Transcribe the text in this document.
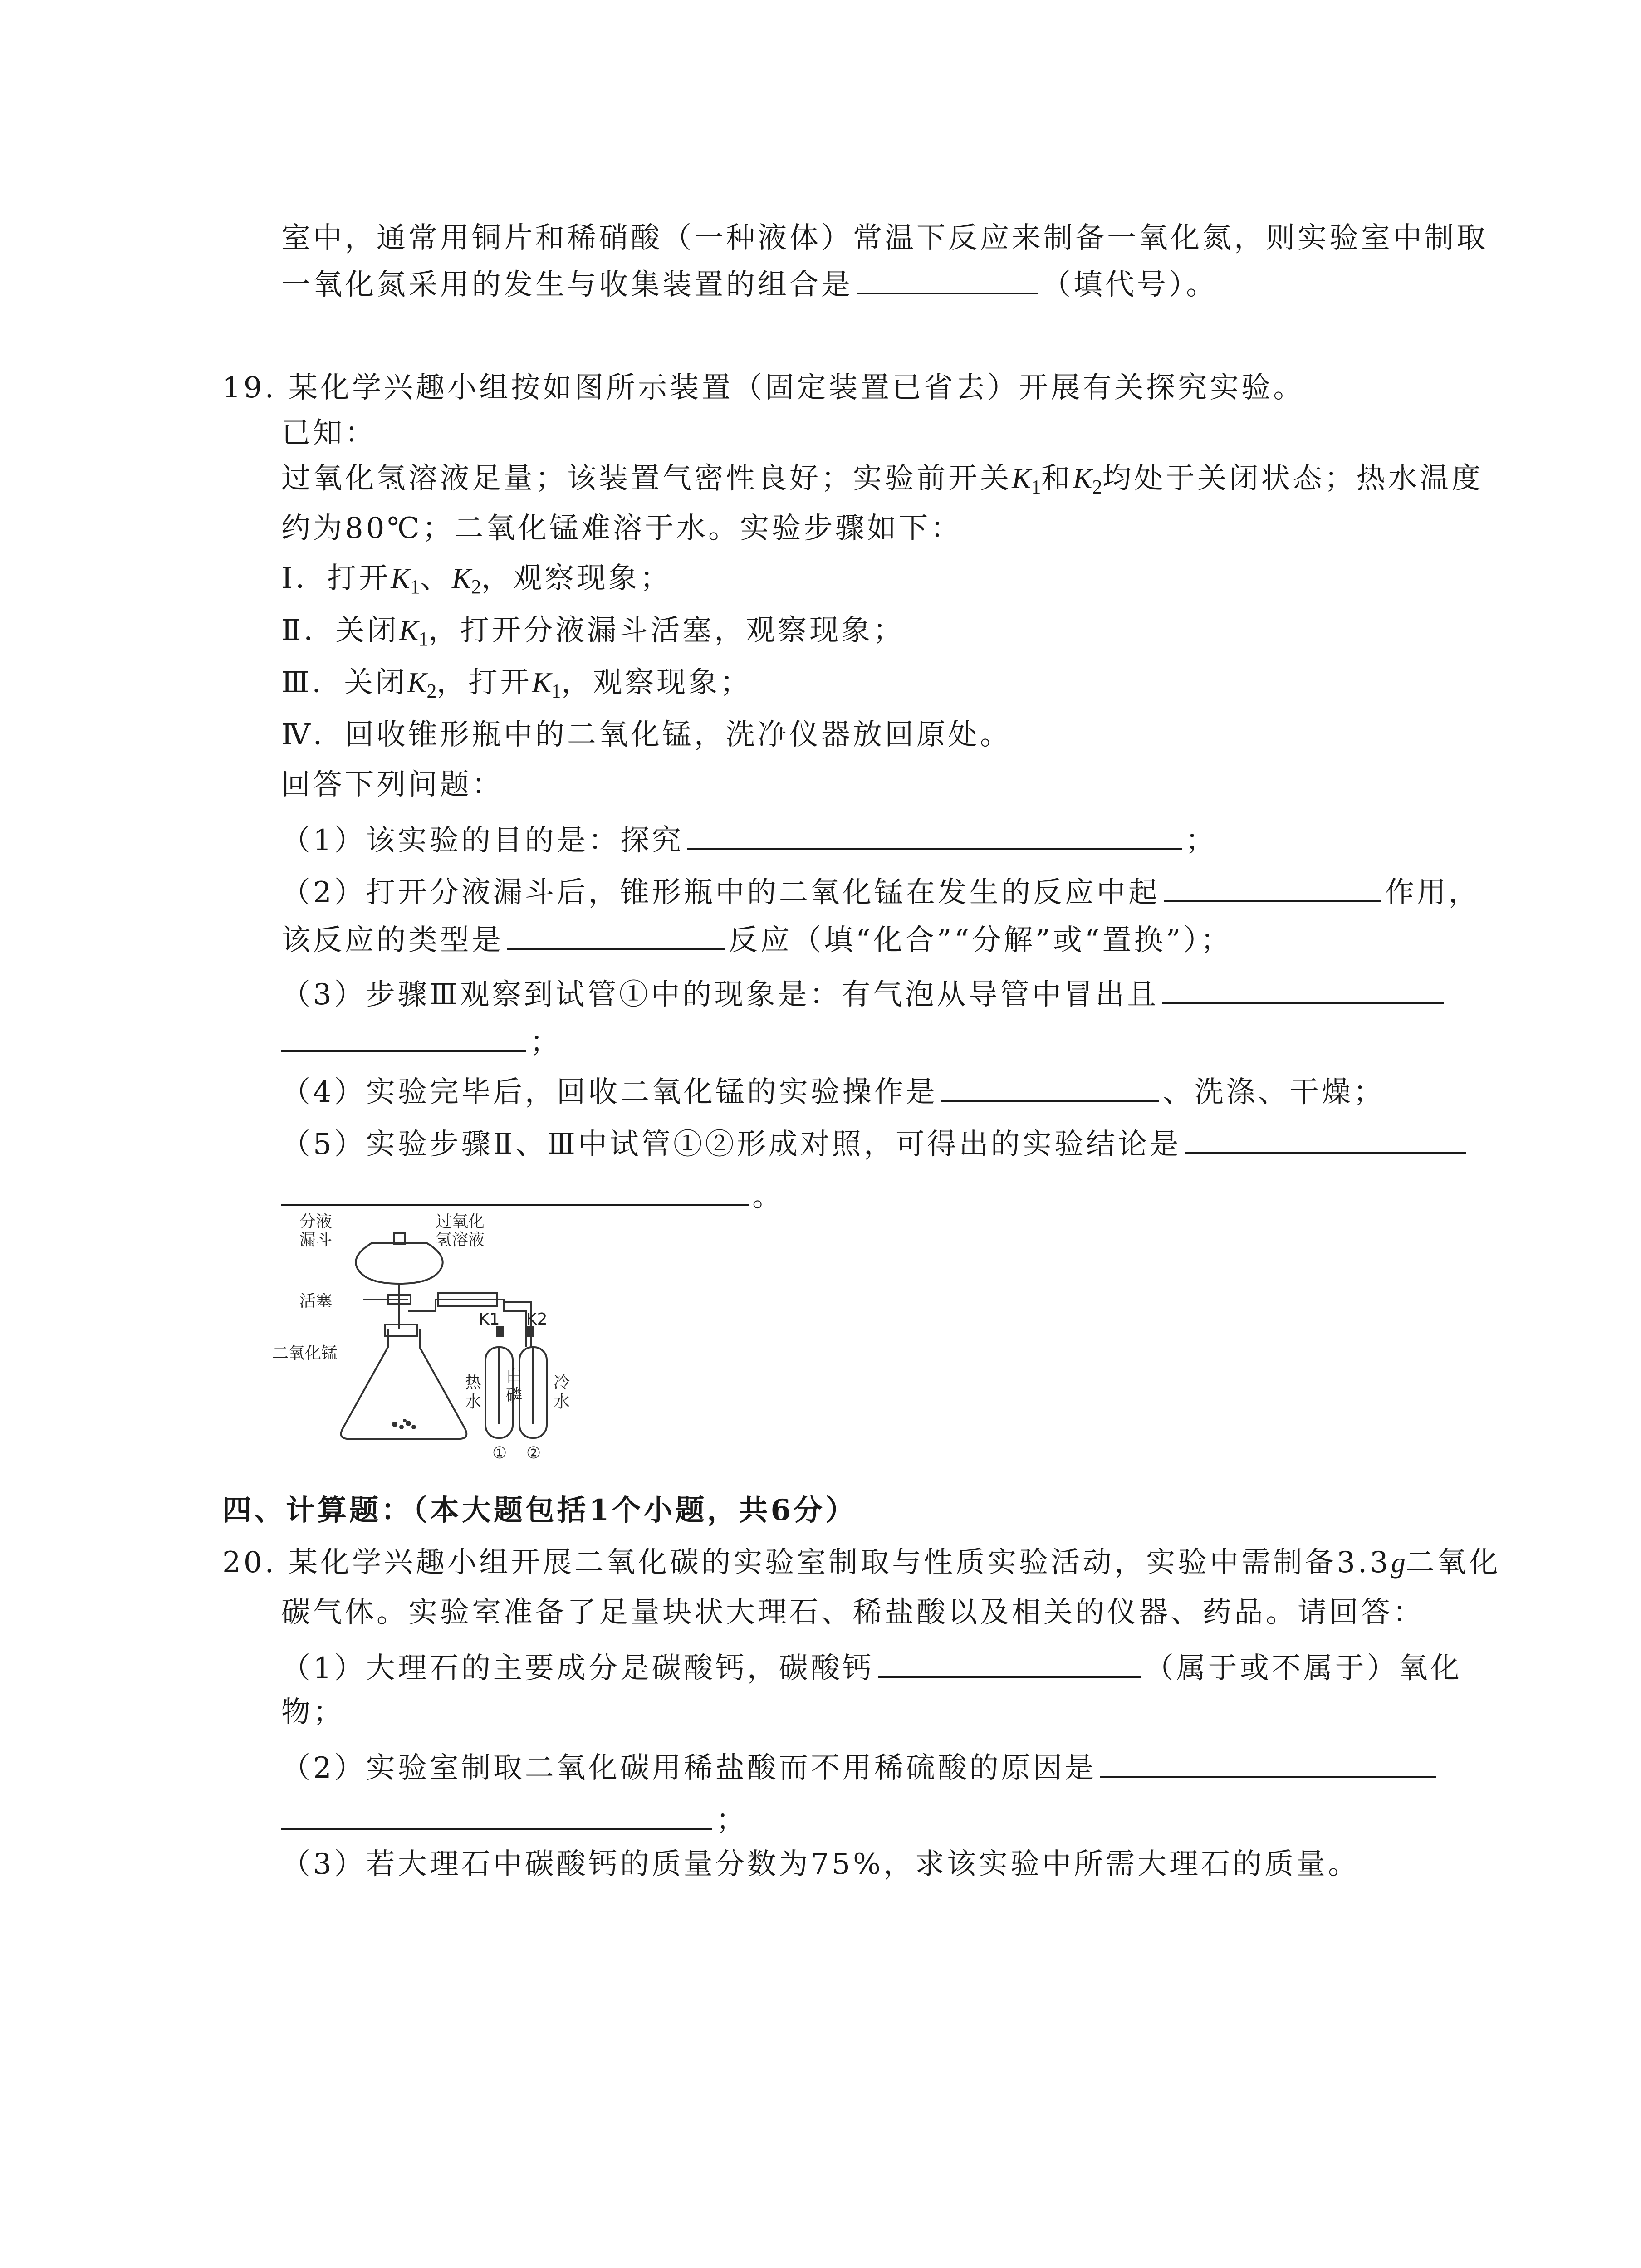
室中，通常用铜片和稀硝酸（一种液体）常温下反应来制备一氧化氮，则实验室中制取
一氧化氮采用的发生与收集装置的组合是	（填代号）。
19. 某化学兴趣小组按如图所示装置（固定装置已省去）开展有关探究实验。
已知：
过氧化氢溶液足量；该装置气密性良好；实验前开关$K_1$和$K_2$均处于关闭状态；热水温度
约为80℃；二氧化锰难溶于水。实验步骤如下：
Ⅰ．打开$K_1$、$K_2$，观察现象；
Ⅱ．关闭$K_1$，打开分液漏斗活塞，观察现象；
Ⅲ．关闭$K_2$，打开$K_1$，观察现象；
Ⅳ．回收锥形瓶中的二氧化锰，洗净仪器放回原处。
回答下列问题：
（1）该实验的目的是：探究	；
（2）打开分液漏斗后，锥形瓶中的二氧化锰在发生的反应中起	作用，
该反应的类型是	反应（填“化合”“分解”或“置换”）；
（3）步骤Ⅲ观察到试管①中的现象是：有气泡从导管中冒出且
；
（4）实验完毕后，回收二氧化锰的实验操作是	、洗涤、干燥；
（5）实验步骤Ⅱ、Ⅲ中试管①②形成对照，可得出的实验结论是
。
分液
漏斗
过氧化
氢溶液
活塞
二氧化锰
K1 K2
热
水
白
磷
冷
水
① ②
四、计算题：（本大题包括1个小题，共6分）
20. 某化学兴趣小组开展二氧化碳的实验室制取与性质实验活动，实验中需制备3.3g二氧化
碳气体。实验室准备了足量块状大理石、稀盐酸以及相关的仪器、药品。请回答：
（1）大理石的主要成分是碳酸钙，碳酸钙	（属于或不属于）氧化
物；
（2）实验室制取二氧化碳用稀盐酸而不用稀硫酸的原因是
；
（3）若大理石中碳酸钙的质量分数为75%，求该实验中所需大理石的质量。
